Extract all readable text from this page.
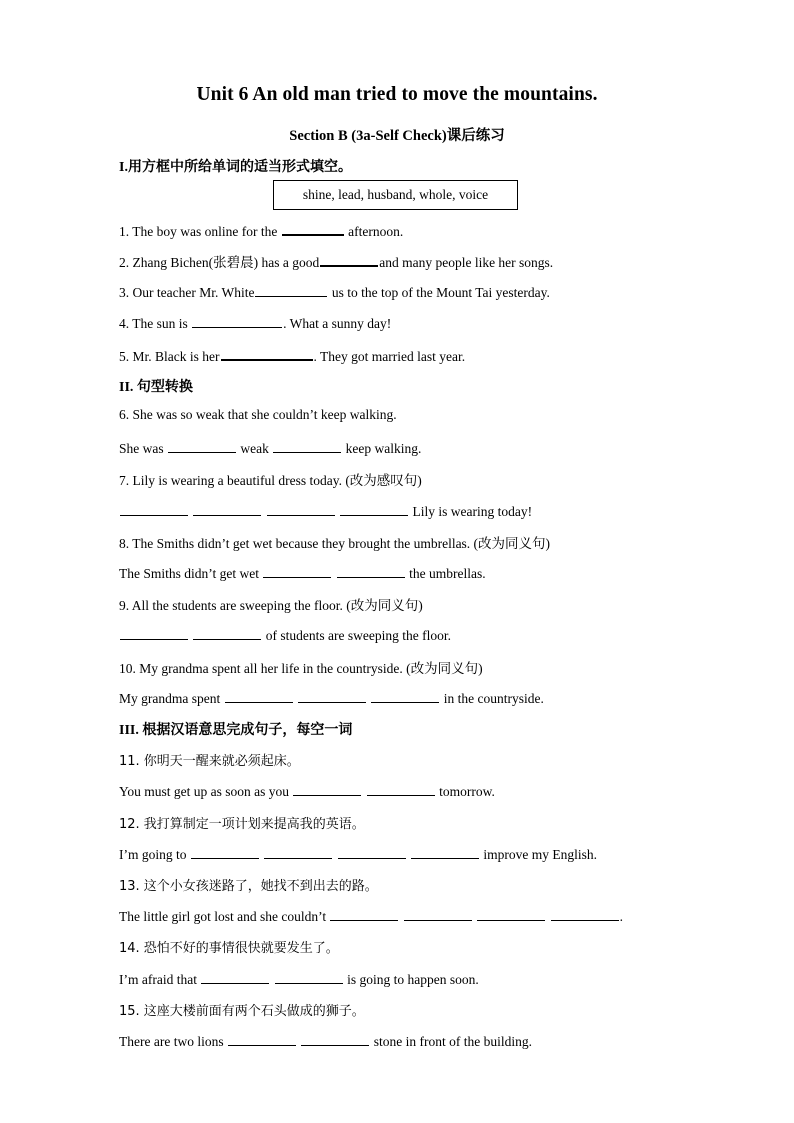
Unit 6 An old man tried to move the mountains.
Section B (3a-Self Check)课后练习
I.用方框中所给单词的适当形式填空。
shine, lead, husband, whole, voice
1. The boy was online for the	afternoon.
2. Zhang Bichen(张碧晨) has a good	and many people like her songs.
3. Our teacher Mr. White	us to the top of the Mount Tai yesterday.
4. The sun is	. What a sunny day!
5. Mr. Black is her	. They got married last year.
II. 句型转换
6. She was so weak that she couldn’t keep walking.
She was	weak	keep walking.
7. Lily is wearing a beautiful dress today. (改为感叹句)
Lily is wearing today!
8. The Smiths didn’t get wet because they brought the umbrellas. (改为同义句)
The Smiths didn’t get wet	the umbrellas.
9. All the students are sweeping the floor. (改为同义句)
of students are sweeping the floor.
10. My grandma spent all her life in the countryside. (改为同义句)
My grandma spent	in the countryside.
III. 根据汉语意思完成句子，每空一词
11. 你明天一醒来就必须起床。
You must get up as soon as you	tomorrow.
12. 我打算制定一项计划来提高我的英语。
I’m going to	improve my English.
13. 这个小女孩迷路了，她找不到出去的路。
The little girl got lost and she couldn’t	.
14. 恐怕不好的事情很快就要发生了。
I’m afraid that	is going to happen soon.
15. 这座大楼前面有两个石头做成的狮子。
There are two lions	stone in front of the building.
